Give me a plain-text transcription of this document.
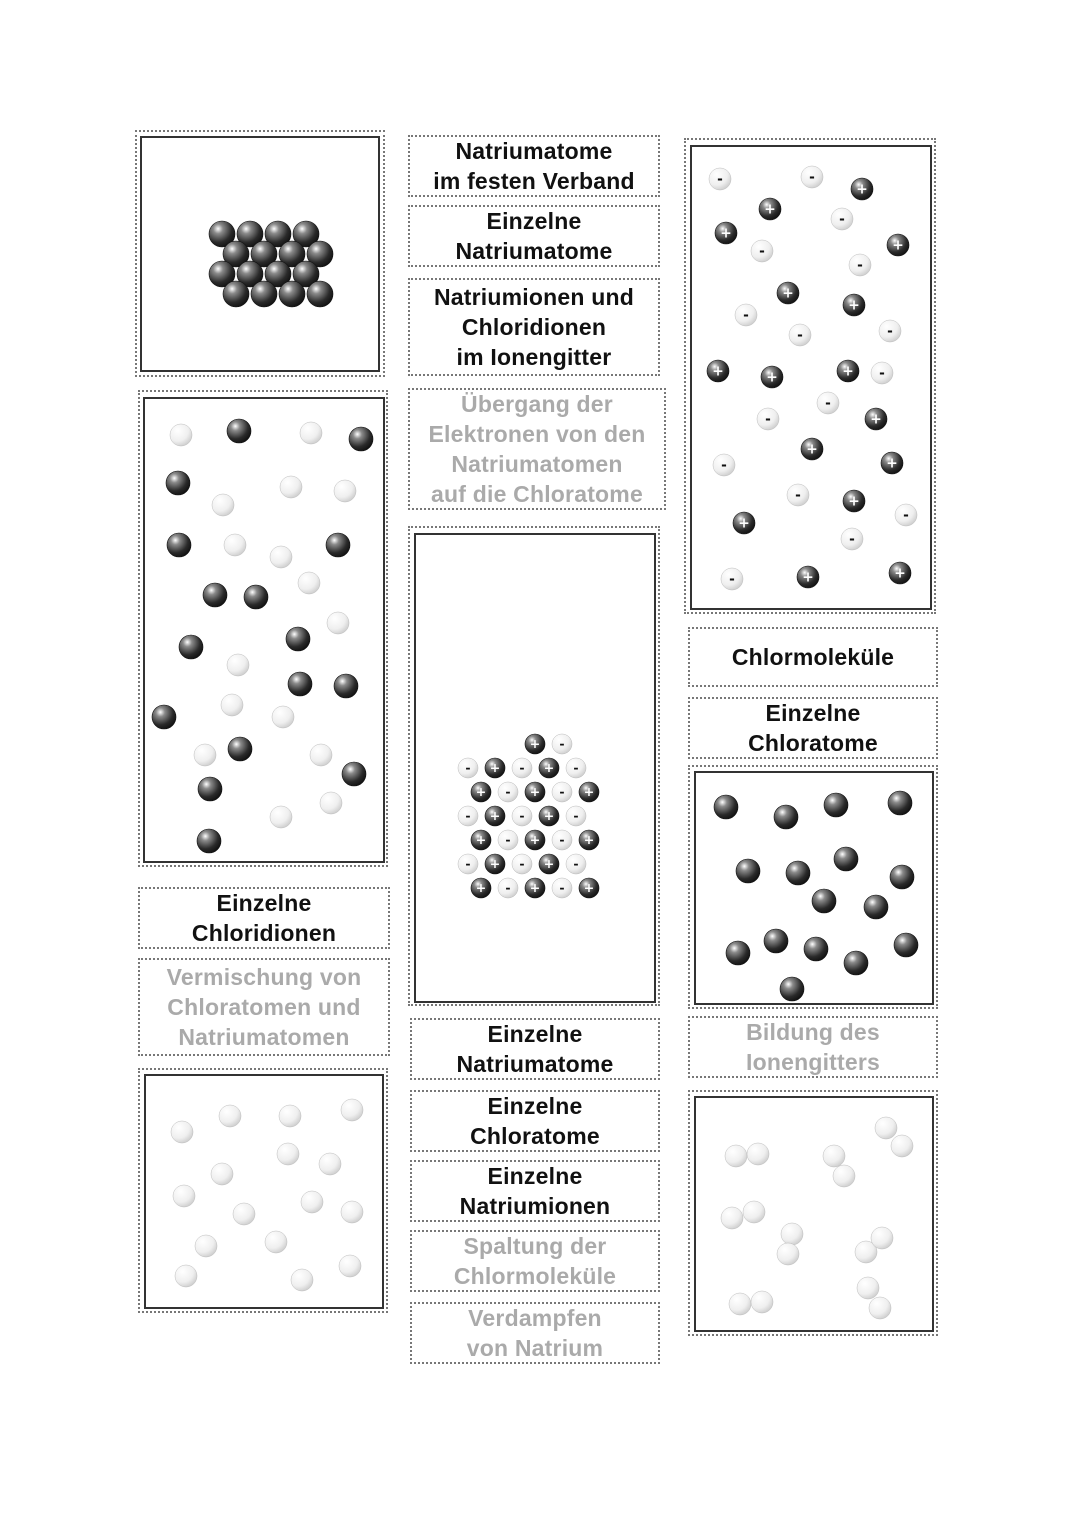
Einzelne
Chloridionen
Vermischung von
Chloratomen und
Natriumatomen
Natriumatome
im festen Verband
Einzelne
Natriumatome
Natriumionen und
Chloridionen
im Ionengitter
Übergang der
Elektronen von den
Natriumatomen
auf die Chloratome
+ -
- + - + -
+ - + - +
- + - + -
+ - + - +
- + - + -
+ - + - +
Einzelne
Natriumatome
Einzelne
Chloratome
Einzelne
Natriumionen
Spaltung der
Chlormoleküle
Verdampfen
von Natrium
-	-
+
+
-
+
-
-
+
+
+
-
-	-
+	+	+ -
-
-	+
+
-	+
-	+
-
+
-
-	+	+
Chlormoleküle
Einzelne
Chloratome
Bildung des
Ionengitters
